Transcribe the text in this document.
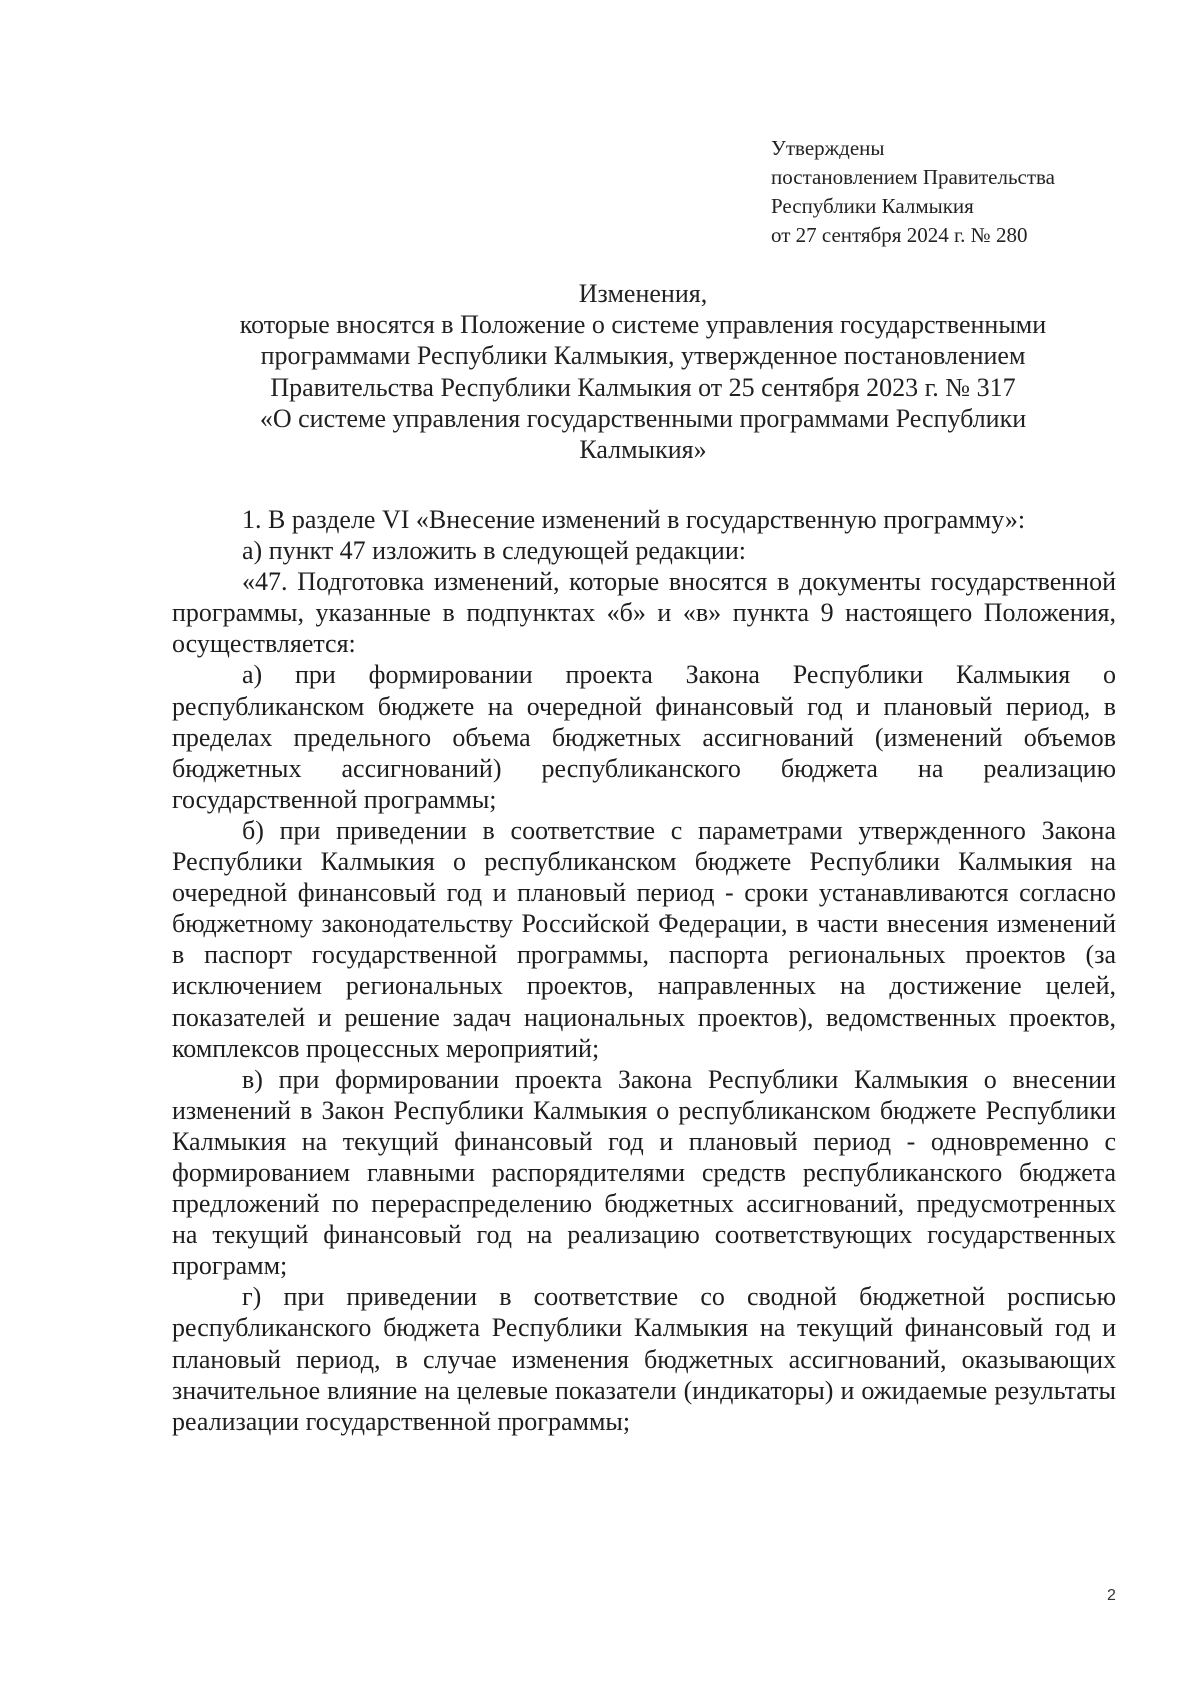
Утверждены
постановлением Правительства
Республики Калмыкия
от 27 сентября 2024 г. № 280
Изменения,
которые вносятся в Положение о системе управления государственными
программами Республики Калмыкия, утвержденное постановлением
Правительства Республики Калмыкия от 25 сентября 2023 г. № 317
«О системе управления государственными программами Республики
Калмыкия»

1. В разделе VI «Внесение изменений в государственную программу»:

а) пункт 47 изложить в следующей редакции:

«47. Подготовка изменений, которые вносятся в документы государственной программы, указанные в подпунктах «б» и «в» пункта 9 настоящего Положения, осуществляется:

а) при формировании проекта Закона Республики Калмыкия о республиканском бюджете на очередной финансовый год и плановый период, в пределах предельного объема бюджетных ассигнований (изменений объемов бюджетных ассигнований) республиканского бюджета на реализацию государственной программы;

б) при приведении в соответствие с параметрами утвержденного Закона Республики Калмыкия о республиканском бюджете Республики Калмыкия на очередной финансовый год и плановый период - сроки устанавливаются согласно бюджетному законодательству Российской Федерации, в части внесения изменений в паспорт государственной программы, паспорта региональных проектов (за исключением региональных проектов, направленных на достижение целей, показателей и решение задач национальных проектов), ведомственных проектов, комплексов процессных мероприятий;

в) при формировании проекта Закона Республики Калмыкия о внесении изменений в Закон Республики Калмыкия о республиканском бюджете Республики Калмыкия на текущий финансовый год и плановый период - одновременно с формированием главными распорядителями средств республиканского бюджета предложений по перераспределению бюджетных ассигнований, предусмотренных на текущий финансовый год на реализацию соответствующих государственных программ;

г) при приведении в соответствие со сводной бюджетной росписью республиканского бюджета Республики Калмыкия на текущий финансовый год и плановый период, в случае изменения бюджетных ассигнований, оказывающих значительное влияние на целевые показатели (индикаторы) и ожидаемые результаты реализации государственной программы;

2
